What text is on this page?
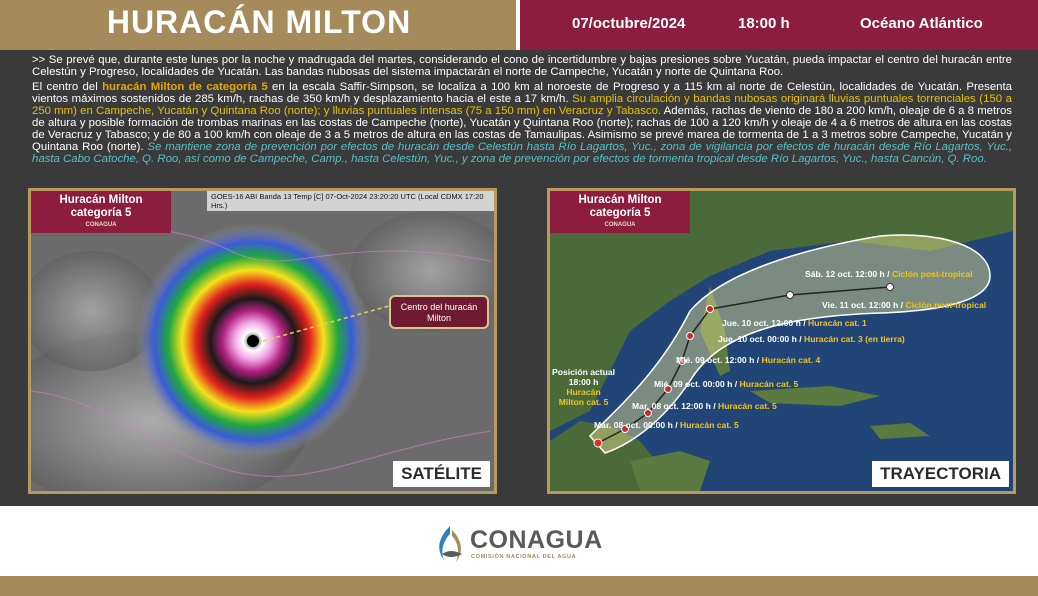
HURACÁN MILTON	07/octubre/2024	18:00 h	Océano Atlántico

>> Se prevé que, durante este lunes por la noche y madrugada del martes, considerando el cono de incertidumbre y bajas presiones sobre Yucatán, pueda impactar el centro del huracán entre Celestún y Progreso, localidades de Yucatán. Las bandas nubosas del sistema impactarán el norte de Campeche, Yucatán y norte de Quintana Roo.

El centro del huracán Milton de categoría 5 en la escala Saffir-Simpson, se localiza a 100 km al noroeste de Progreso y a 115 km al norte de Celestún, localidades de Yucatán. Presenta vientos máximos sostenidos de 285 km/h, rachas de 350 km/h y desplazamiento hacia el este a 17 km/h. Su amplia circulación y bandas nubosas originará lluvias puntuales torrenciales (150 a 250 mm) en Campeche, Yucatán y Quintana Roo (norte); y lluvias puntuales intensas (75 a 150 mm) en Veracruz y Tabasco. Además, rachas de viento de 180 a 200 km/h, oleaje de 6 a 8 metros de altura y posible formación de trombas marinas en las costas de Campeche (norte), Yucatán y Quintana Roo (norte); rachas de 100 a 120 km/h y oleaje de 4 a 6 metros de altura en las costas de Veracruz y Tabasco; y de 80 a 100 km/h con oleaje de 3 a 5 metros de altura en las costas de Tamaulipas. Asimismo se prevé marea de tormenta de 1 a 3 metros sobre Campeche, Yucatán y Quintana Roo (norte). Se mantiene zona de prevención por efectos de huracán desde Celestún hasta Río Lagartos, Yuc., zona de vigilancia por efectos de huracán desde Río Lagartos, Yuc., hasta Cabo Catoche, Q. Roo, así como de Campeche, Camp., hasta Celestún, Yuc., y zona de prevención por efectos de tormenta tropical desde Río Lagartos, Yuc., hasta Cancún, Q. Roo.

Huracán Milton
categoría 5
CONAGUA
GOES-16 ABI Banda 13 Temp [C] 07-Oct-2024 23:20:20 UTC (Local CDMX 17:20 Hrs.)
Centro del huracán
Milton
SATÉLITE
Huracán Milton
categoría 5
CONAGUA
Posición actual
18:00 h
Huracán
Milton cat. 5
Sáb. 12 oct. 12:00 h / Ciclón post-tropical
Vie. 11 oct. 12:00 h / Ciclón post-tropical
Jue. 10 oct. 12:00 h / Huracán cat. 1
Jue. 10 oct. 00:00 h / Huracán cat. 3 (en tierra)
Mié. 09 oct. 12:00 h / Huracán cat. 4
Mié. 09 oct. 00:00 h / Huracán cat. 5
Mar. 08 oct. 12:00 h / Huracán cat. 5
Mar. 08 oct. 00:00 h / Huracán cat. 5
TRAYECTORIA
CONAGUA
COMISIÓN NACIONAL DEL AGUA
